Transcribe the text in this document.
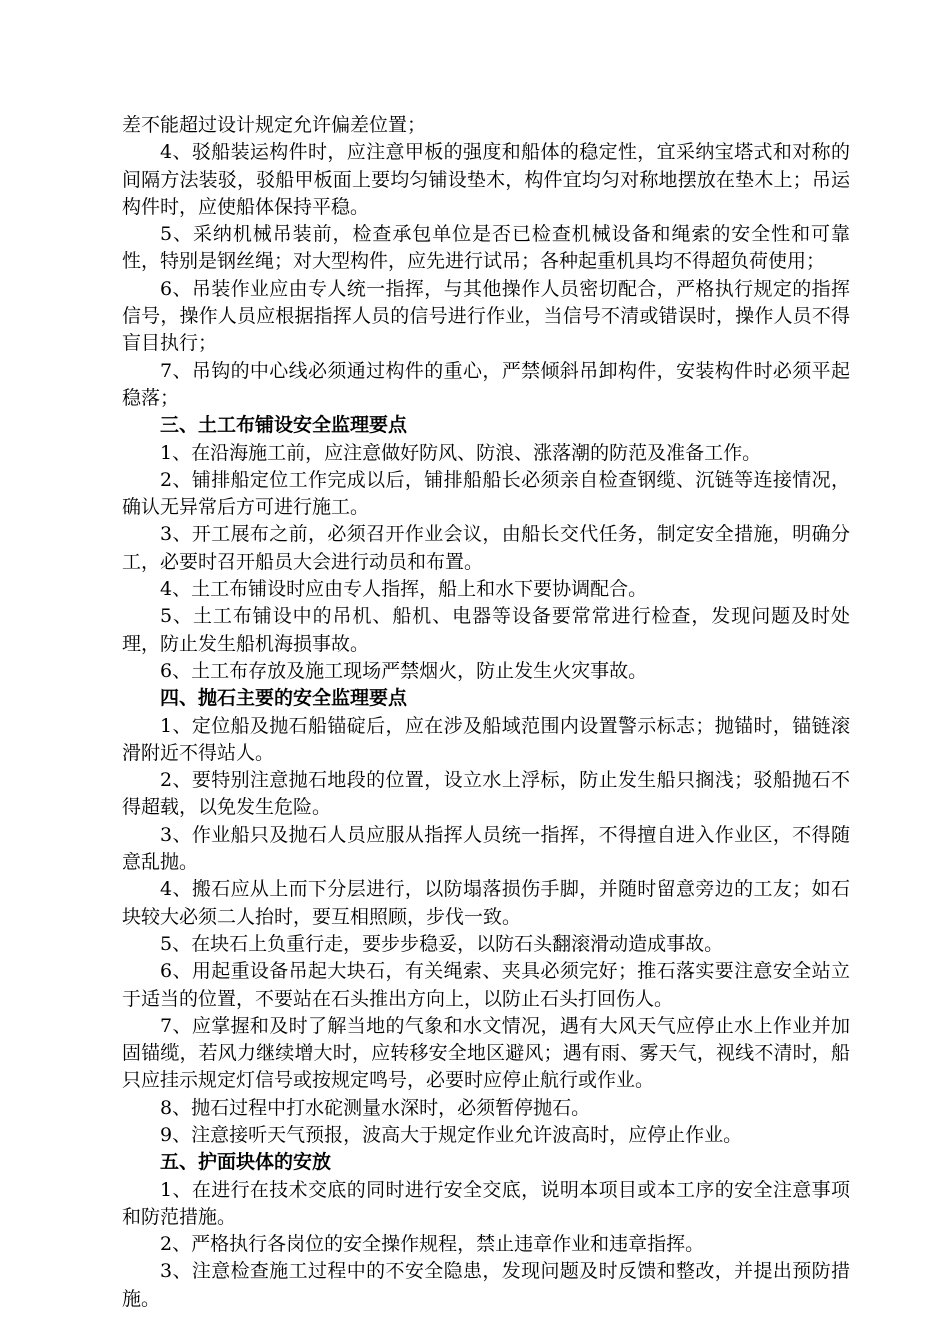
差不能超过设计规定允许偏差位置；

4、驳船装运构件时，应注意甲板的强度和船体的稳定性，宜采纳宝塔式和对称的间隔方法装驳，驳船甲板面上要均匀铺设垫木，构件宜均匀对称地摆放在垫木上；吊运构件时，应使船体保持平稳。

5、采纳机械吊装前，检查承包单位是否已检查机械设备和绳索的安全性和可靠性，特别是钢丝绳；对大型构件，应先进行试吊；各种起重机具均不得超负荷使用；

6、吊装作业应由专人统一指挥，与其他操作人员密切配合，严格执行规定的指挥信号，操作人员应根据指挥人员的信号进行作业，当信号不清或错误时，操作人员不得盲目执行；

7、吊钩的中心线必须通过构件的重心，严禁倾斜吊卸构件，安装构件时必须平起稳落；

三、土工布铺设安全监理要点

1、在沿海施工前，应注意做好防风、防浪、涨落潮的防范及准备工作。

2、铺排船定位工作完成以后，铺排船船长必须亲自检查钢缆、沉链等连接情况，确认无异常后方可进行施工。

3、开工展布之前，必须召开作业会议，由船长交代任务，制定安全措施，明确分工，必要时召开船员大会进行动员和布置。

4、土工布铺设时应由专人指挥，船上和水下要协调配合。

5、土工布铺设中的吊机、船机、电器等设备要常常进行检查，发现问题及时处理，防止发生船机海损事故。

6、土工布存放及施工现场严禁烟火，防止发生火灾事故。

四、抛石主要的安全监理要点

1、定位船及抛石船锚碇后，应在涉及船域范围内设置警示标志；抛锚时，锚链滚滑附近不得站人。

2、要特别注意抛石地段的位置，设立水上浮标，防止发生船只搁浅；驳船抛石不得超载，以免发生危险。

3、作业船只及抛石人员应服从指挥人员统一指挥，不得擅自进入作业区，不得随意乱抛。

4、搬石应从上而下分层进行，以防塌落损伤手脚，并随时留意旁边的工友；如石块较大必须二人抬时，要互相照顾，步伐一致。

5、在块石上负重行走，要步步稳妥，以防石头翻滚滑动造成事故。

6、用起重设备吊起大块石，有关绳索、夹具必须完好；推石落实要注意安全站立于适当的位置，不要站在石头推出方向上，以防止石头打回伤人。

7、应掌握和及时了解当地的气象和水文情况，遇有大风天气应停止水上作业并加固锚缆，若风力继续增大时，应转移安全地区避风；遇有雨、雾天气，视线不清时，船只应挂示规定灯信号或按规定鸣号，必要时应停止航行或作业。

8、抛石过程中打水砣测量水深时，必须暂停抛石。

9、注意接听天气预报，波高大于规定作业允许波高时，应停止作业。

五、护面块体的安放

1、在进行在技术交底的同时进行安全交底，说明本项目或本工序的安全注意事项和防范措施。

2、严格执行各岗位的安全操作规程，禁止违章作业和违章指挥。

3、注意检查施工过程中的不安全隐患，发现问题及时反馈和整改，并提出预防措施。
